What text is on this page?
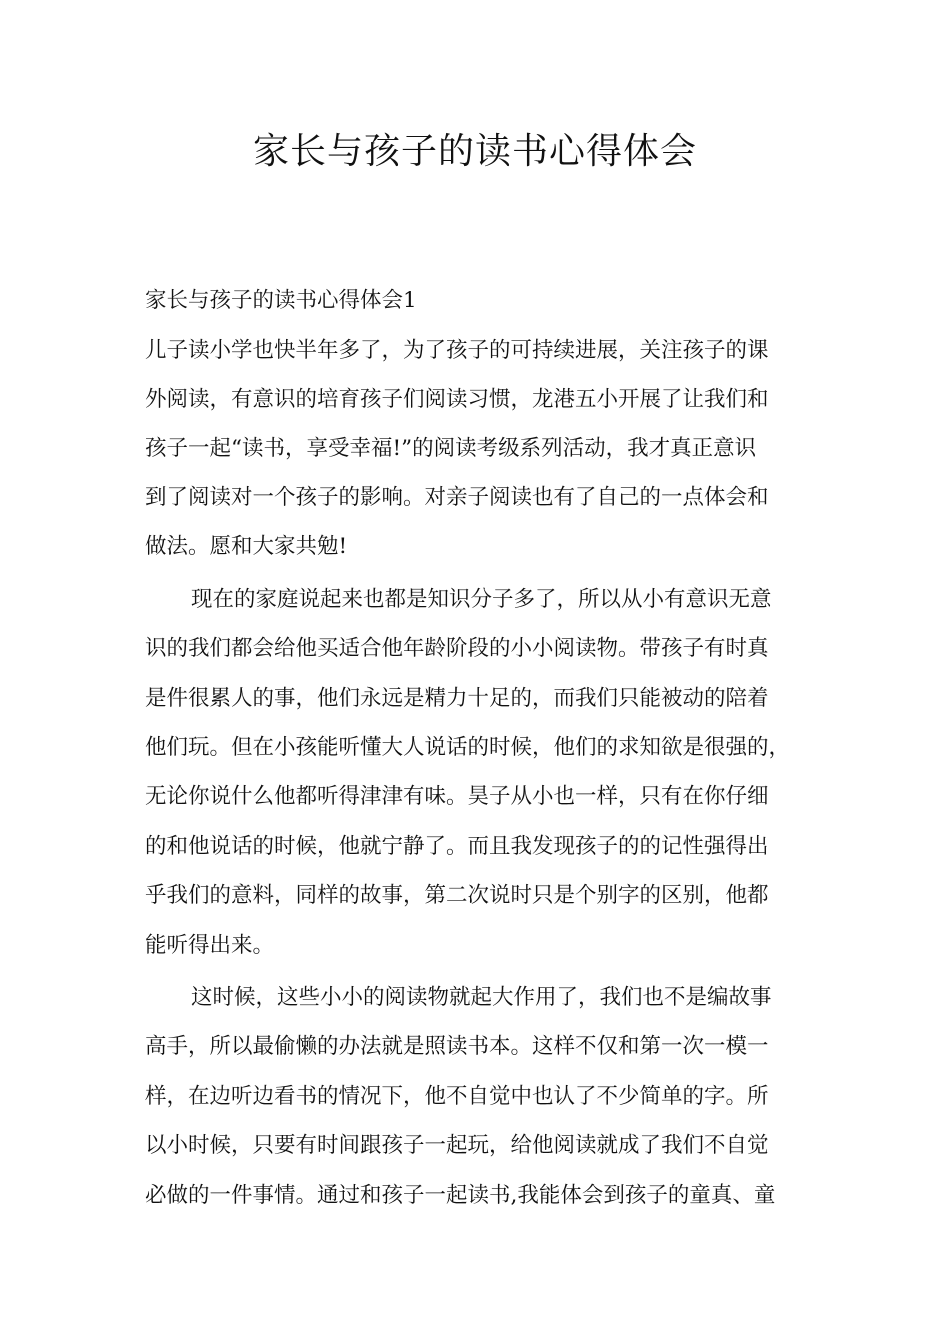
家长与孩子的读书心得体会

家长与孩子的读书心得体会1

儿子读小学也快半年多了，为了孩子的可持续进展，关注孩子的课

外阅读，有意识的培育孩子们阅读习惯，龙港五小开展了让我们和

孩子一起“读书，享受幸福!”的阅读考级系列活动，我才真正意识

到了阅读对一个孩子的影响。对亲子阅读也有了自己的一点体会和

做法。愿和大家共勉!

现在的家庭说起来也都是知识分子多了，所以从小有意识无意

识的我们都会给他买适合他年龄阶段的小小阅读物。带孩子有时真

是件很累人的事，他们永远是精力十足的，而我们只能被动的陪着

他们玩。但在小孩能听懂大人说话的时候，他们的求知欲是很强的，

无论你说什么他都听得津津有味。昊子从小也一样，只有在你仔细

的和他说话的时候，他就宁静了。而且我发现孩子的的记性强得出

乎我们的意料，同样的故事，第二次说时只是个别字的区别，他都

能听得出来。

这时候，这些小小的阅读物就起大作用了，我们也不是编故事

高手，所以最偷懒的办法就是照读书本。这样不仅和第一次一模一

样，在边听边看书的情况下，他不自觉中也认了不少简单的字。所

以小时候，只要有时间跟孩子一起玩，给他阅读就成了我们不自觉

必做的一件事情。通过和孩子一起读书,我能体会到孩子的童真、童
